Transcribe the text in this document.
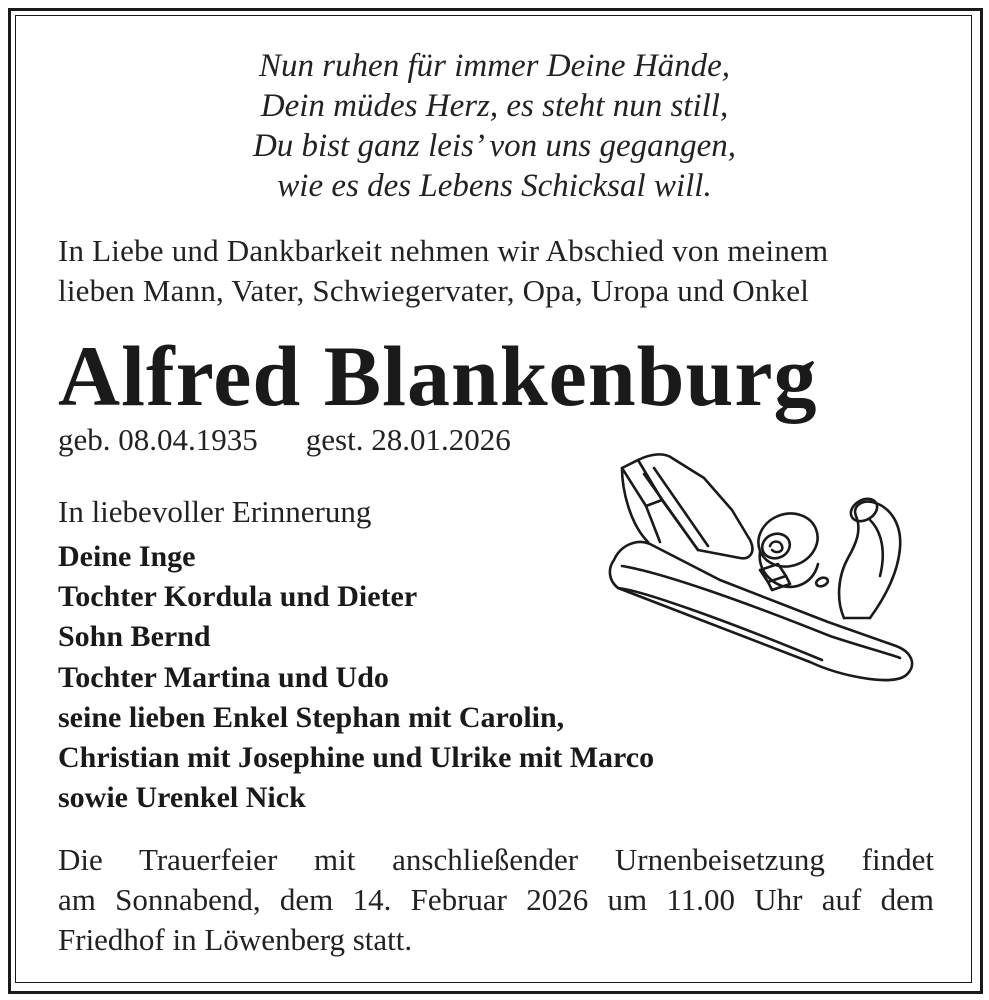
Nun ruhen für immer Deine Hände,
Dein müdes Herz, es steht nun still,
Du bist ganz leis’ von uns gegangen,
wie es des Lebens Schicksal will.
In Liebe und Dankbarkeit nehmen wir Abschied von meinem
lieben Mann, Vater, Schwiegervater, Opa, Uropa und Onkel
Alfred Blankenburg
geb. 08.04.1935 gest. 28.01.2026
In liebevoller Erinnerung
Deine Inge
Tochter Kordula und Dieter
Sohn Bernd
Tochter Martina und Udo
seine lieben Enkel Stephan mit Carolin,
Christian mit Josephine und Ulrike mit Marco
sowie Urenkel Nick
Die Trauerfeier mit anschließender Urnenbeisetzung findet
am Sonnabend, dem 14. Februar 2026 um 11.00 Uhr auf dem
Friedhof in Löwenberg statt.
